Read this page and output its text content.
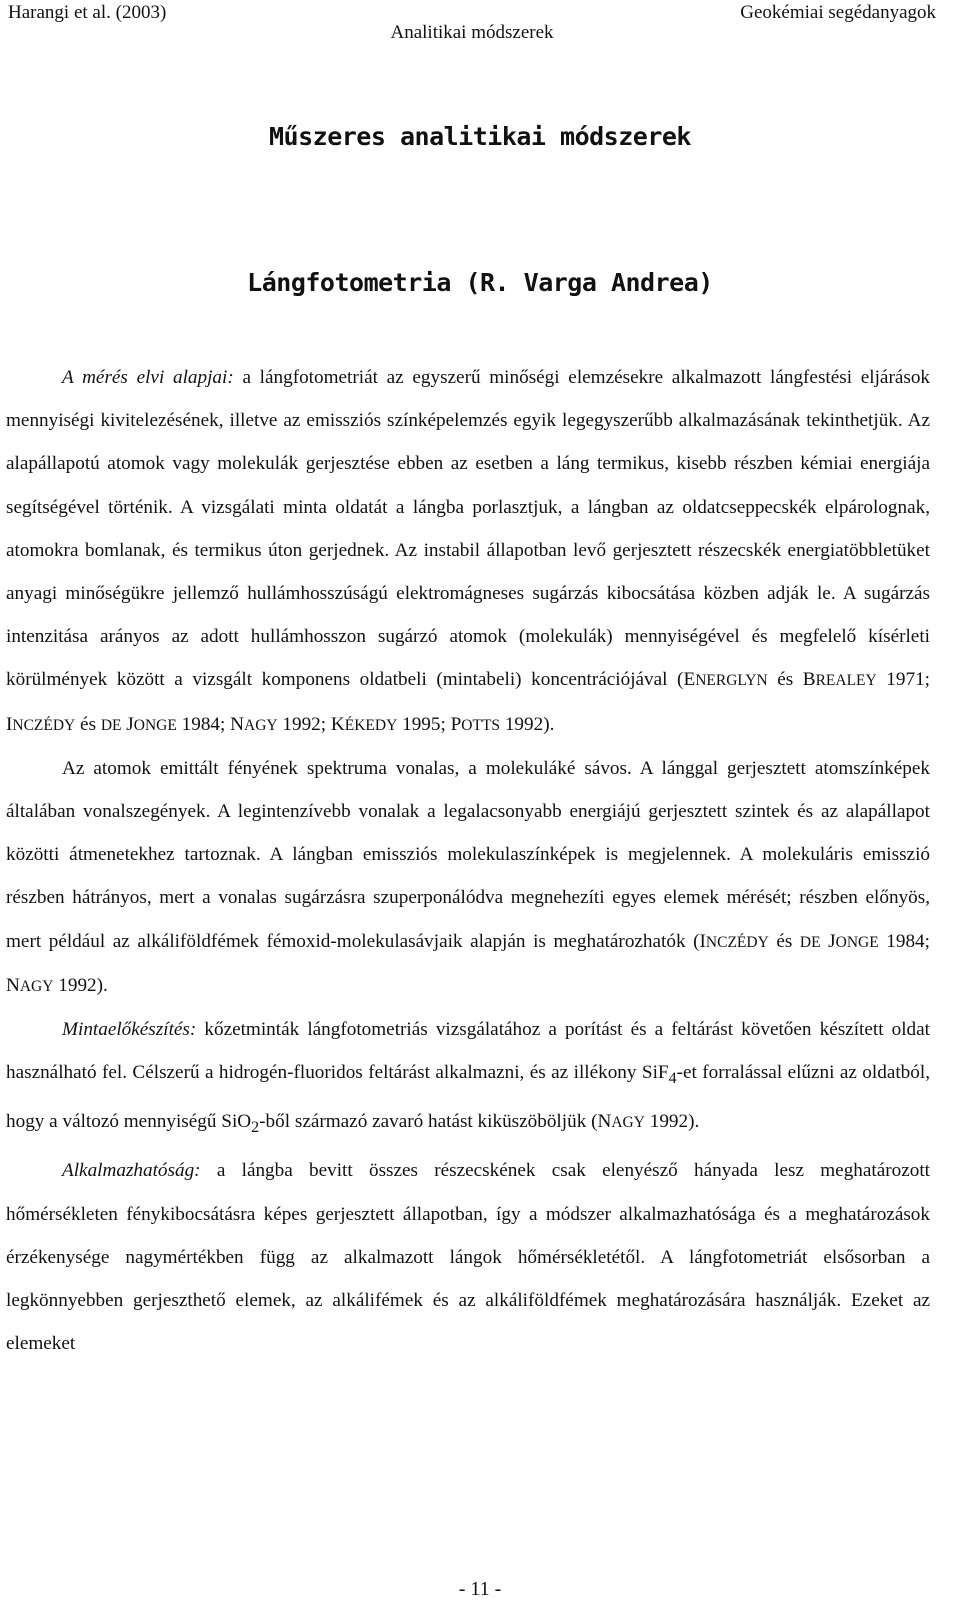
Harangi et al. (2003)
Analitikai módszerek
Geokémiai segédanyagok
Műszeres analitikai módszerek
Lángfotometria (R. Varga Andrea)

A mérés elvi alapjai: a lángfotometriát az egyszerű minőségi elemzésekre alkalmazott lángfestési eljárások mennyiségi kivitelezésének, illetve az emissziós színképelemzés egyik legegyszerűbb alkalmazásának tekinthetjük. Az alapállapotú atomok vagy molekulák gerjesztése ebben az esetben a láng termikus, kisebb részben kémiai energiája segítségével történik. A vizsgálati minta oldatát a lángba porlasztjuk, a lángban az oldatcseppecskék elpárolognak, atomokra bomlanak, és termikus úton gerjednek. Az instabil állapotban levő gerjesztett részecskék energiatöbbletüket anyagi minőségükre jellemző hullámhosszúságú elektromágneses sugárzás kibocsátása közben adják le. A sugárzás intenzitása arányos az adott hullámhosszon sugárzó atomok (molekulák) mennyiségével és megfelelő kísérleti körülmények között a vizsgált komponens oldatbeli (mintabeli) koncentrációjával (ENERGLYN és BREALEY 1971; INCZÉDY és DE JONGE 1984; NAGY 1992; KÉKEDY 1995; POTTS 1992).

Az atomok emittált fényének spektruma vonalas, a molekuláké sávos. A lánggal gerjesztett atomszínképek általában vonalszegények. A legintenzívebb vonalak a legalacsonyabb energiájú gerjesztett szintek és az alapállapot közötti átmenetekhez tartoznak. A lángban emissziós molekulaszínképek is megjelennek. A molekuláris emisszió részben hátrányos, mert a vonalas sugárzásra szuperponálódva megnehezíti egyes elemek mérését; részben előnyös, mert például az alkáliföldfémek fémoxid-molekulasávjaik alapján is meghatározhatók (INCZÉDY és DE JONGE 1984; NAGY 1992).

Mintaelőkészítés: kőzetminták lángfotometriás vizsgálatához a porítást és a feltárást követően készített oldat használható fel. Célszerű a hidrogén-fluoridos feltárást alkalmazni, és az illékony SiF$_4$-et forralással elűzni az oldatból, hogy a változó mennyiségű SiO$_2$-ből származó zavaró hatást kiküszöböljük (NAGY 1992).

Alkalmazhatóság: a lángba bevitt összes részecskének csak elenyésző hányada lesz meghatározott hőmérsékleten fénykibocsátásra képes gerjesztett állapotban, így a módszer alkalmazhatósága és a meghatározások érzékenysége nagymértékben függ az alkalmazott lángok hőmérsékletétől. A lángfotometriát elsősorban a legkönnyebben gerjeszthető elemek, az alkálifémek és az alkáliföldfémek meghatározására használják. Ezeket az elemeket

- 11 -
